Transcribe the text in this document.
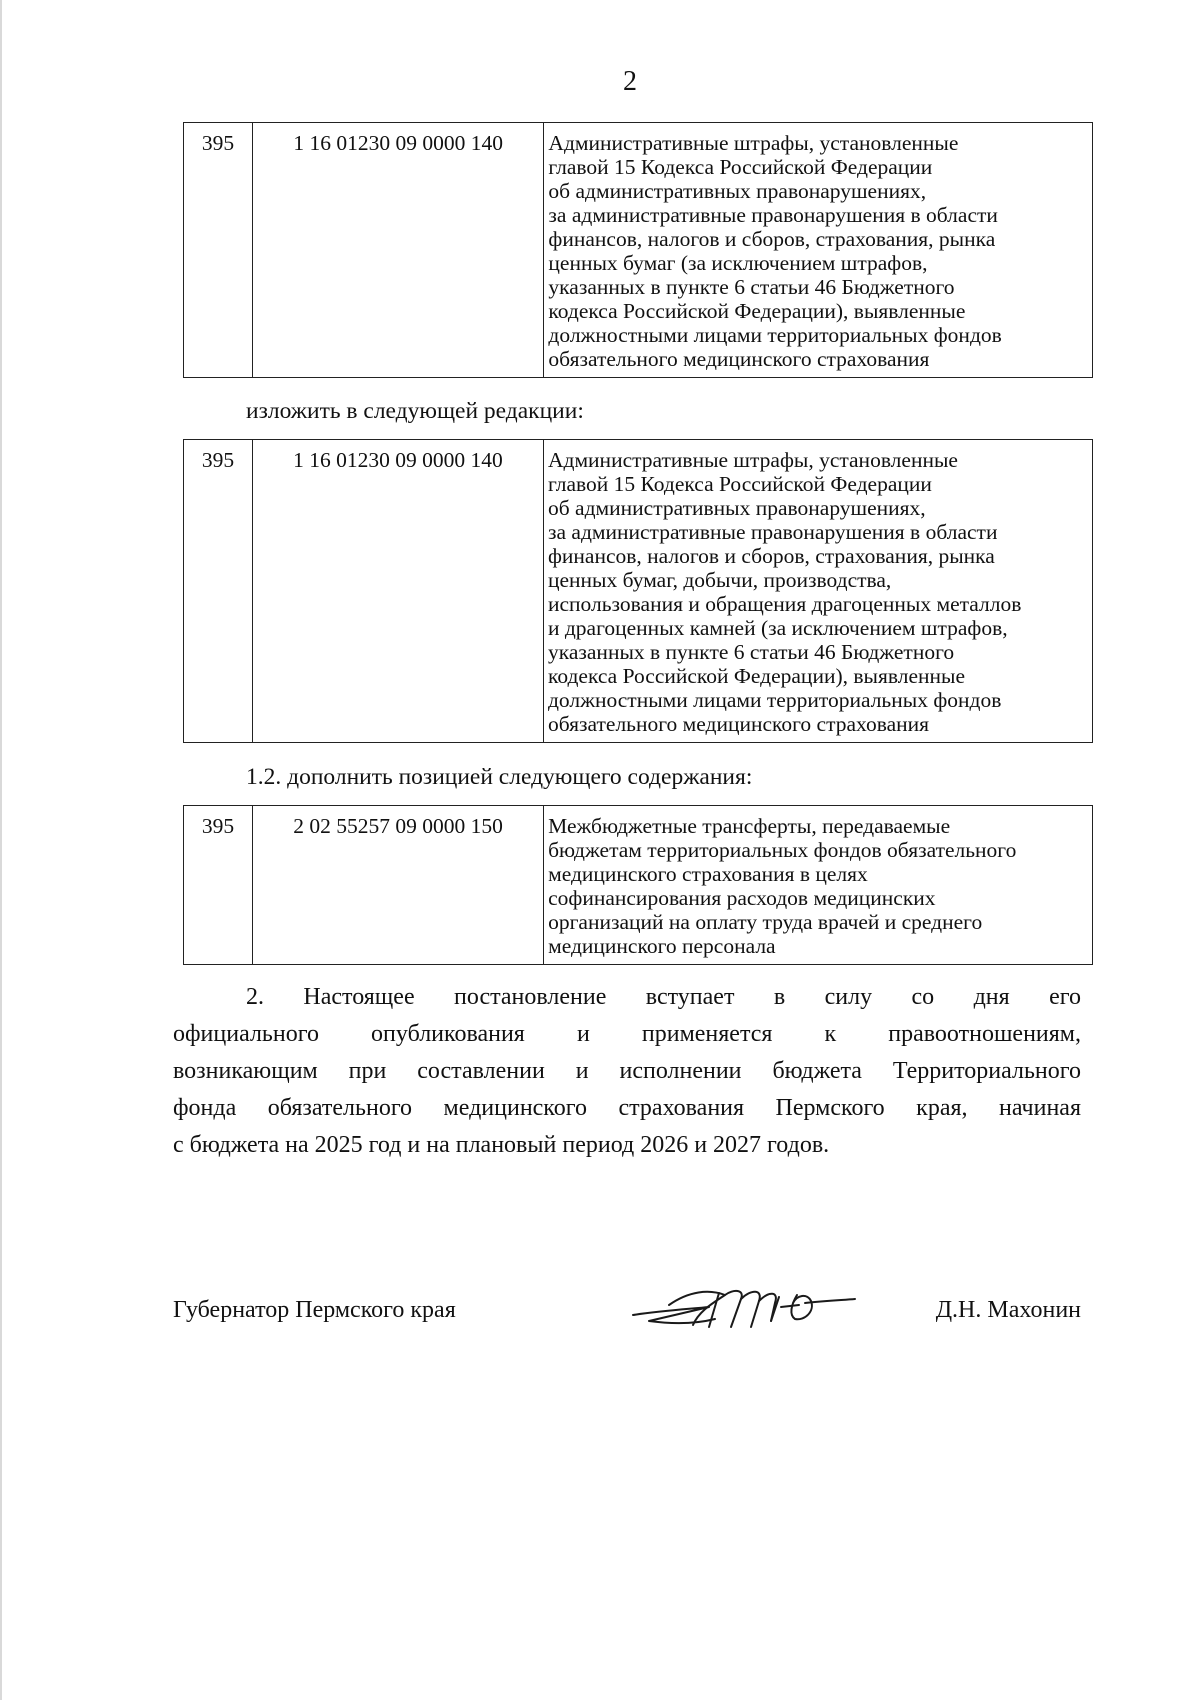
2
395	1 16 01230 09 0000 140	Административные штрафы, установленные
главой 15 Кодекса Российской Федерации
об административных правонарушениях,
за административные правонарушения в области
финансов, налогов и сборов, страхования, рынка
ценных бумаг (за исключением штрафов,
указанных в пункте 6 статьи 46 Бюджетного
кодекса Российской Федерации), выявленные
должностными лицами территориальных фондов
обязательного медицинского страхования
изложить в следующей редакции:
395	1 16 01230 09 0000 140	Административные штрафы, установленные
главой 15 Кодекса Российской Федерации
об административных правонарушениях,
за административные правонарушения в области
финансов, налогов и сборов, страхования, рынка
ценных бумаг, добычи, производства,
использования и обращения драгоценных металлов
и драгоценных камней (за исключением штрафов,
указанных в пункте 6 статьи 46 Бюджетного
кодекса Российской Федерации), выявленные
должностными лицами территориальных фондов
обязательного медицинского страхования
1.2. дополнить позицией следующего содержания:
395	2 02 55257 09 0000 150	Межбюджетные трансферты, передаваемые
бюджетам территориальных фондов обязательного
медицинского страхования в целях
софинансирования расходов медицинских
организаций на оплату труда врачей и среднего
медицинского персонала
2. Настоящее постановление вступает в силу со дня его
официального опубликования и применяется к правоотношениям,
возникающим при составлении и исполнении бюджета Территориального
фонда обязательного медицинского страхования Пермского края, начиная
с бюджета на 2025 год и на плановый период 2026 и 2027 годов.
Губернатор Пермского края	Д.Н. Махонин
